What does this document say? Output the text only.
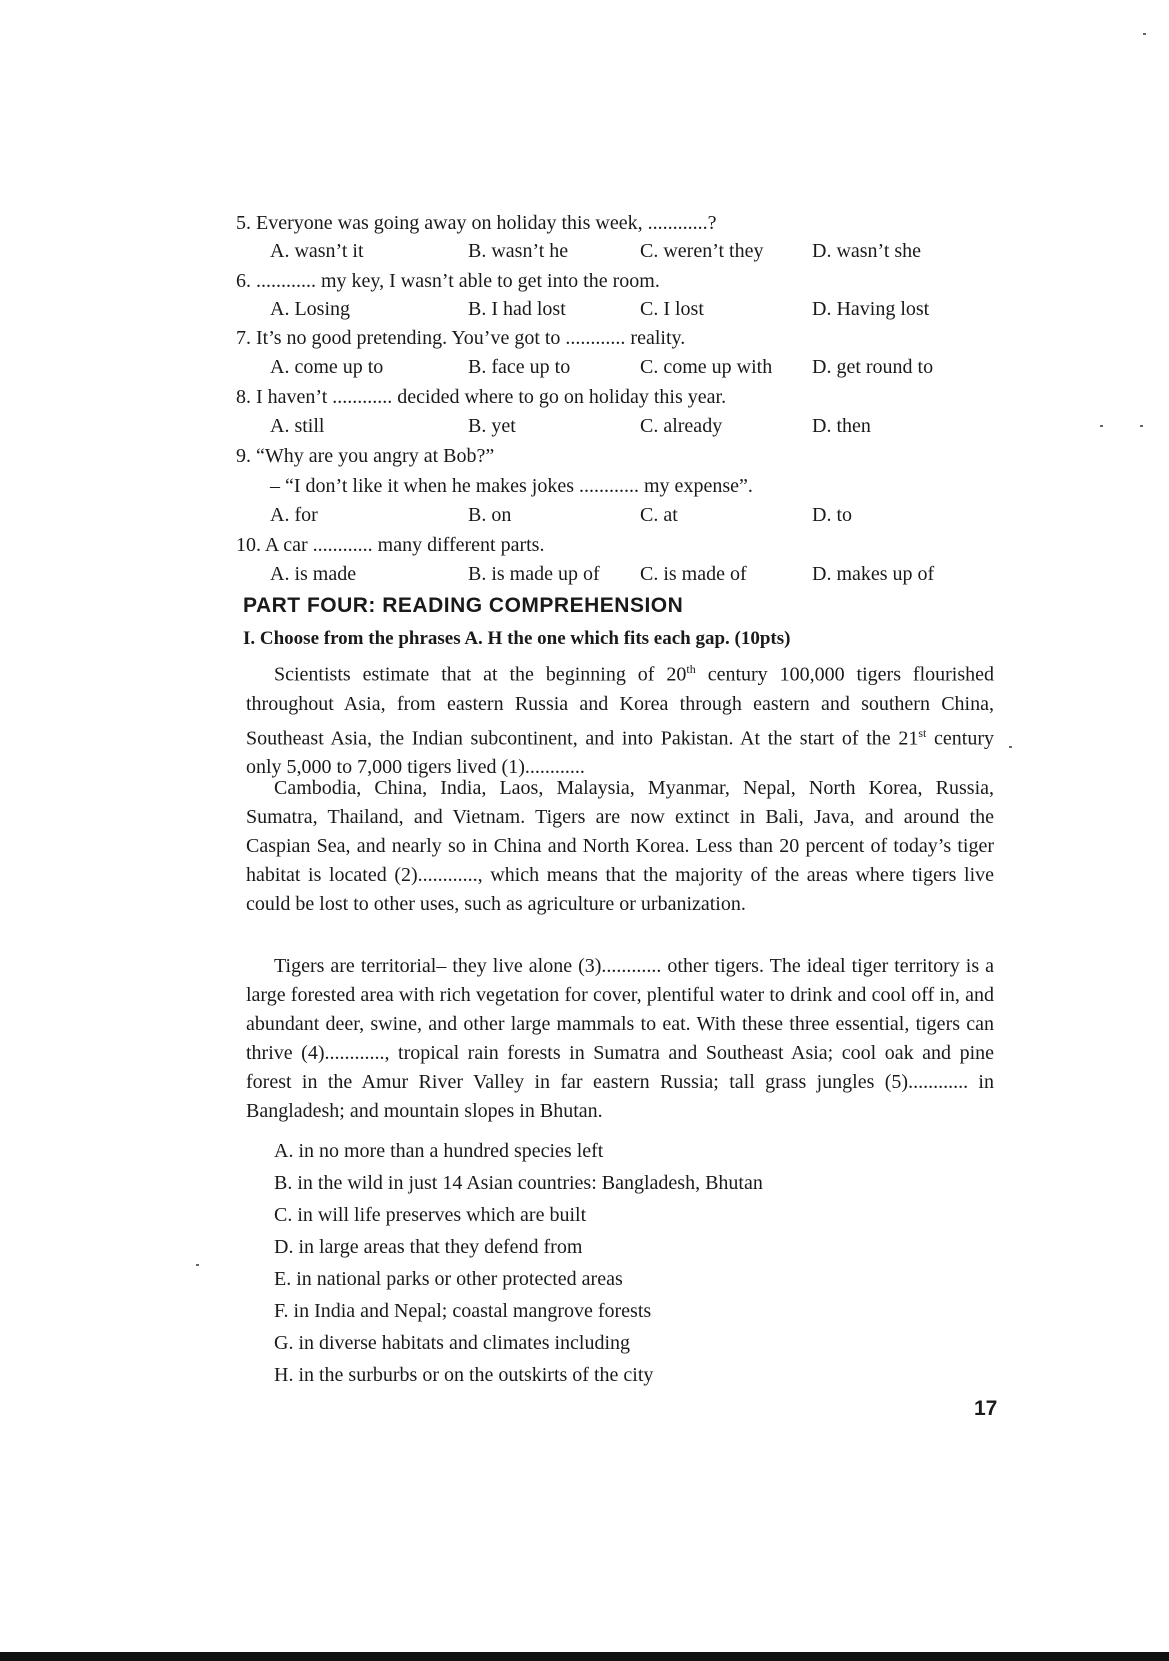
5. Everyone was going away on holiday this week, ............?
A. wasn’t it	B. wasn’t he	C. weren’t they D. wasn’t she
6. ............ my key, I wasn’t able to get into the room.
A. Losing	B. I had lost	C. I lost	D. Having lost
7. It’s no good pretending. You’ve got to ............ reality.
A. come up to	B. face up to	C. come up with D. get round to
8. I haven’t ............ decided where to go on holiday this year.
A. still	B. yet	C. already	D. then
9. “Why are you angry at Bob?”
– “I don’t like it when he makes jokes ............ my expense”.
A. for	B. on	C. at	D. to
10. A car ............ many different parts.
A. is made	B. is made up of C. is made of	D. makes up of
PART FOUR: READING COMPREHENSION
I. Choose from the phrases A. H the one which fits each gap. (10pts)

Scientists estimate that at the beginning of 20th century 100,000 tigers flourished throughout Asia, from eastern Russia and Korea through eastern and southern China, Southeast Asia, the Indian subcontinent, and into Pakistan. At the start of the 21st century only 5,000 to 7,000 tigers lived (1)............

Cambodia, China, India, Laos, Malaysia, Myanmar, Nepal, North Korea, Russia, Sumatra, Thailand, and Vietnam. Tigers are now extinct in Bali, Java, and around the Caspian Sea, and nearly so in China and North Korea. Less than 20 percent of today’s tiger habitat is located (2)............, which means that the majority of the areas where tigers live could be lost to other uses, such as agriculture or urbanization.

Tigers are territorial– they live alone (3)............ other tigers. The ideal tiger territory is a large forested area with rich vegetation for cover, plentiful water to drink and cool off in, and abundant deer, swine, and other large mammals to eat. With these three essential, tigers can thrive (4)............, tropical rain forests in Sumatra and Southeast Asia; cool oak and pine forest in the Amur River Valley in far eastern Russia; tall grass jungles (5)............ in Bangladesh; and mountain slopes in Bhutan.

A. in no more than a hundred species left
B. in the wild in just 14 Asian countries: Bangladesh, Bhutan
C. in will life preserves which are built
D. in large areas that they defend from
E. in national parks or other protected areas
F. in India and Nepal; coastal mangrove forests
G. in diverse habitats and climates including
H. in the surburbs or on the outskirts of the city
17
